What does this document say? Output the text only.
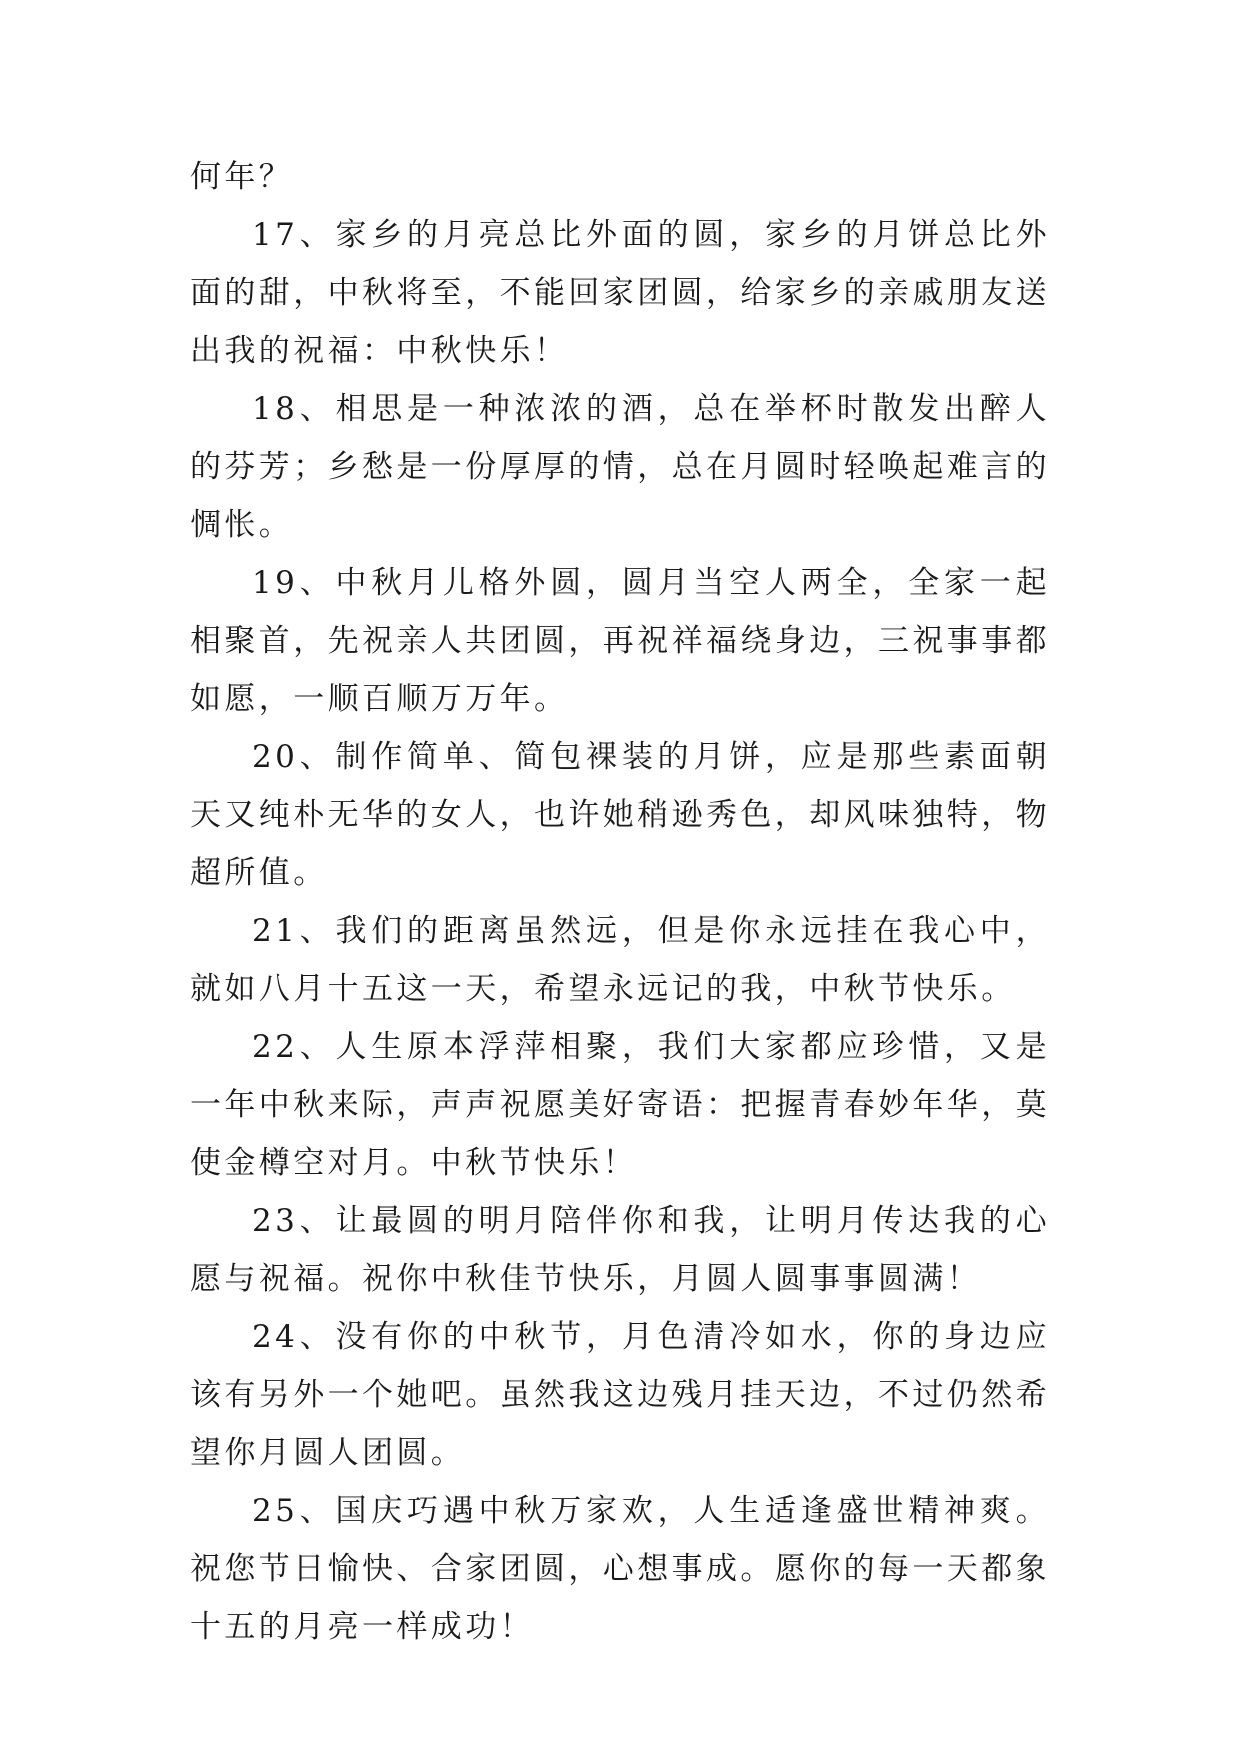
何年？

17、家乡的月亮总比外面的圆，家乡的月饼总比外面的甜，中秋将至，不能回家团圆，给家乡的亲戚朋友送出我的祝福：中秋快乐！

18、相思是一种浓浓的酒，总在举杯时散发出醉人的芬芳；乡愁是一份厚厚的情，总在月圆时轻唤起难言的惆怅。

19、中秋月儿格外圆，圆月当空人两全，全家一起相聚首，先祝亲人共团圆，再祝祥福绕身边，三祝事事都如愿，一顺百顺万万年。

20、制作简单、简包裸装的月饼，应是那些素面朝天又纯朴无华的女人，也许她稍逊秀色，却风味独特，物超所值。

21、我们的距离虽然远，但是你永远挂在我心中，就如八月十五这一天，希望永远记的我，中秋节快乐。

22、人生原本浮萍相聚，我们大家都应珍惜，又是一年中秋来际，声声祝愿美好寄语：把握青春妙年华，莫使金樽空对月。中秋节快乐！

23、让最圆的明月陪伴你和我，让明月传达我的心愿与祝福。祝你中秋佳节快乐，月圆人圆事事圆满！

24、没有你的中秋节，月色清冷如水，你的身边应该有另外一个她吧。虽然我这边残月挂天边，不过仍然希望你月圆人团圆。

25、国庆巧遇中秋万家欢，人生适逢盛世精神爽。祝您节日愉快、合家团圆，心想事成。愿你的每一天都象十五的月亮一样成功！
